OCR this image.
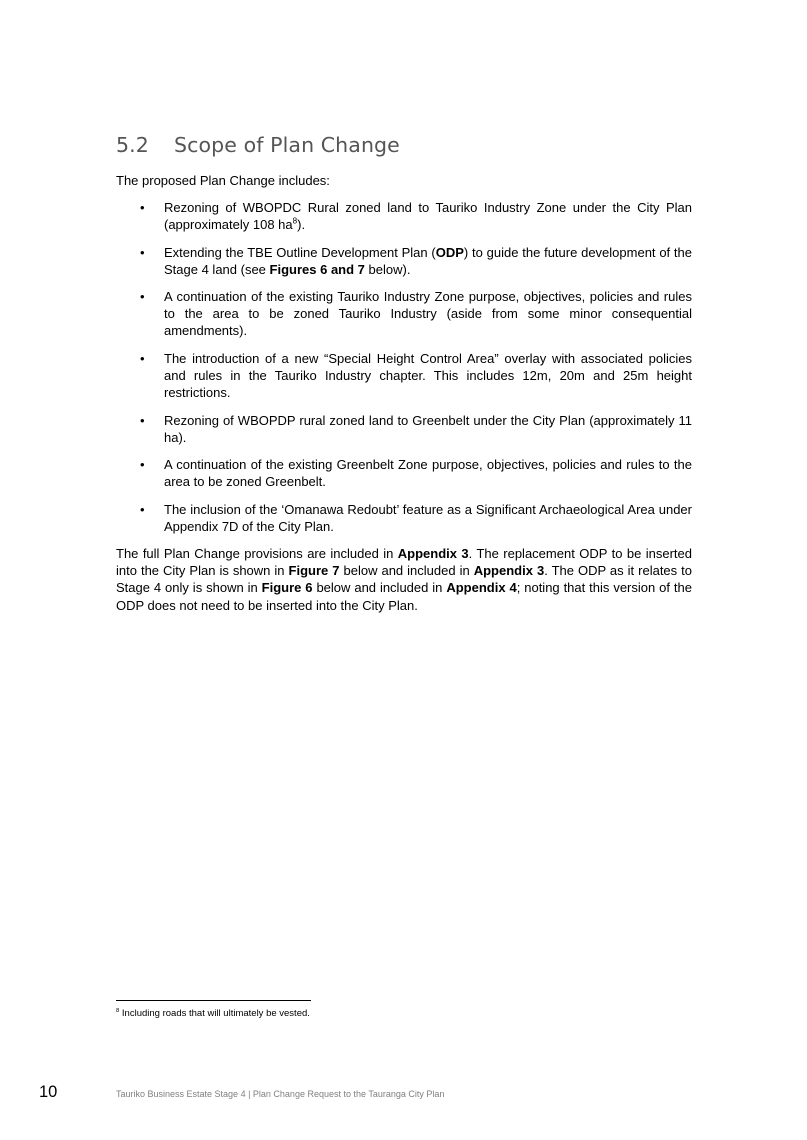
5.2 Scope of Plan Change

The proposed Plan Change includes:

• Rezoning of WBOPDC Rural zoned land to Tauriko Industry Zone under the City Plan (approximately 108 $ha^8$).
• Extending the TBE Outline Development Plan (ODP) to guide the future development of the Stage 4 land (see Figures 6 and 7 below).
• A continuation of the existing Tauriko Industry Zone purpose, objectives, policies and rules to the area to be zoned Tauriko Industry (aside from some minor consequential amendments).
• The introduction of a new “Special Height Control Area” overlay with associated policies and rules in the Tauriko Industry chapter. This includes 12m, 20m and 25m height restrictions.
• Rezoning of WBOPDP rural zoned land to Greenbelt under the City Plan (approximately 11 ha).
• A continuation of the existing Greenbelt Zone purpose, objectives, policies and rules to the area to be zoned Greenbelt.
• The inclusion of the ‘Omanawa Redoubt’ feature as a Significant Archaeological Area under Appendix 7D of the City Plan.

The full Plan Change provisions are included in Appendix 3. The replacement ODP to be inserted into the City Plan is shown in Figure 7 below and included in Appendix 3. The ODP as it relates to Stage 4 only is shown in Figure 6 below and included in Appendix 4; noting that this version of the ODP does not need to be inserted into the City Plan.

$^8$ Including roads that will ultimately be vested.

10	Tauriko Business Estate Stage 4 | Plan Change Request to the Tauranga City Plan
